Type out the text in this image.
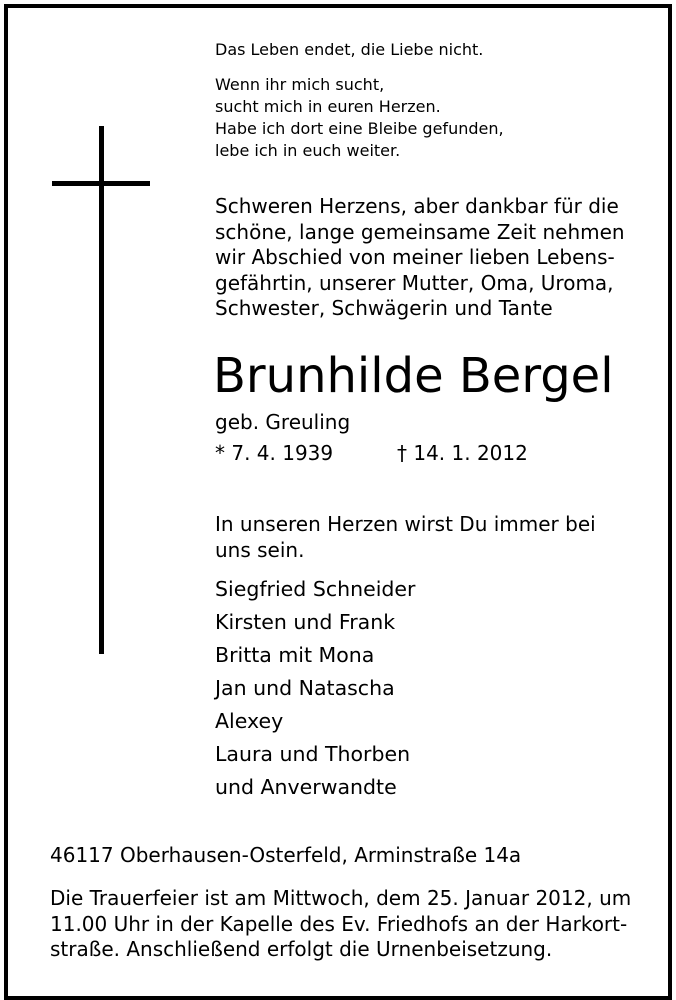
Das Leben endet, die Liebe nicht.
Wenn ihr mich sucht,
sucht mich in euren Herzen.
Habe ich dort eine Bleibe gefunden,
lebe ich in euch weiter.
Schweren Herzens, aber dankbar für die
schöne, lange gemeinsame Zeit nehmen
wir Abschied von meiner lieben Lebens-
gefährtin, unserer Mutter, Oma, Uroma,
Schwester, Schwägerin und Tante
Brunhilde Bergel
geb. Greuling
* 7. 4. 1939	† 14. 1. 2012
In unseren Herzen wirst Du immer bei
uns sein.
Siegfried Schneider
Kirsten und Frank
Britta mit Mona
Jan und Natascha
Alexey
Laura und Thorben
und Anverwandte
46117 Oberhausen-Osterfeld, Arminstraße 14a
Die Trauerfeier ist am Mittwoch, dem 25. Januar 2012, um
11.00 Uhr in der Kapelle des Ev. Friedhofs an der Harkort-
straße. Anschließend erfolgt die Urnenbeisetzung.
